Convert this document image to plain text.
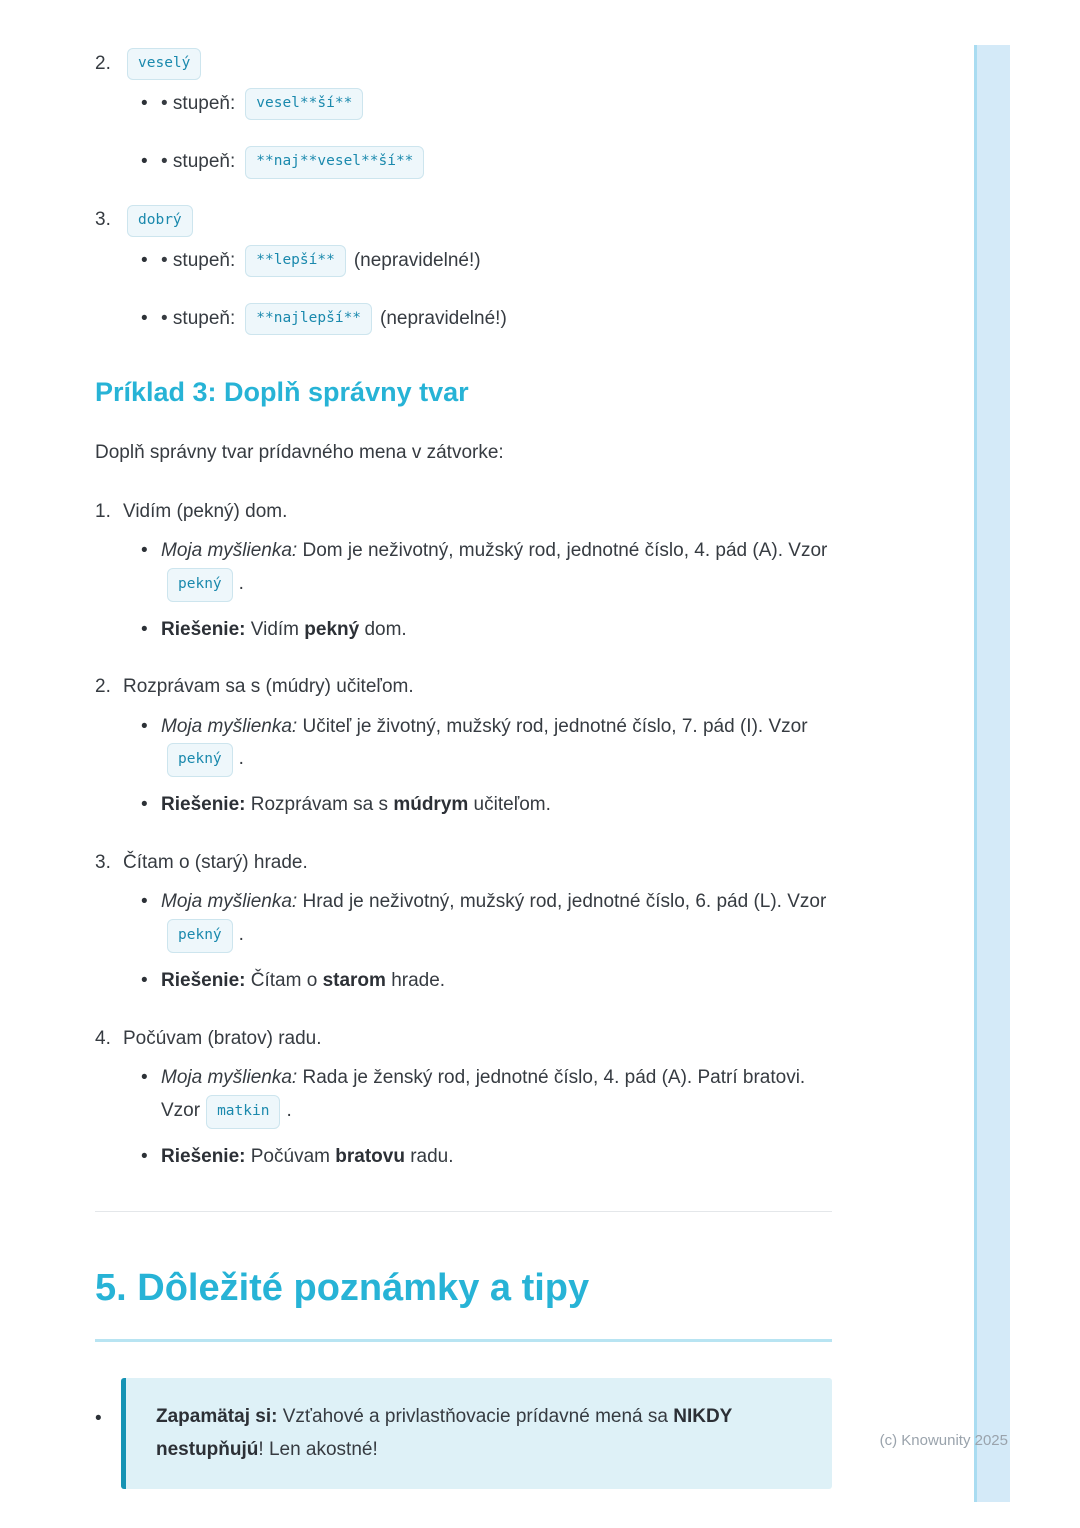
2.	veselý
•
• stupeň:	vesel**ší**
•
• stupeň:	**naj**vesel**ší**
3.	dobrý
•
• stupeň:	**lepší**	(nepravidelné!)
•
• stupeň:	**najlepší**	(nepravidelné!)
Príklad 3: Doplň správny tvar
Doplň správny tvar prídavného mena v zátvorke:
1. Vidím (pekný) dom.
•
Moja myšlienka: Dom je neživotný, mužský rod, jednotné číslo, 4. pád (A). Vzorpekný .
•
Riešenie: Vidím pekný dom.
2. Rozprávam sa s (múdry) učiteľom.
•
Moja myšlienka: Učiteľ je životný, mužský rod, jednotné číslo, 7. pád (I). Vzorpekný .
•
Riešenie: Rozprávam sa s múdrym učiteľom.
3. Čítam o (starý) hrade.
•
Moja myšlienka: Hrad je neživotný, mužský rod, jednotné číslo, 6. pád (L). Vzorpekný .
•
Riešenie: Čítam o starom hrade.
4. Počúvam (bratov) radu.
•
Moja myšlienka: Rada je ženský rod, jednotné číslo, 4. pád (A). Patrí bratovi. Vzor matkin .
•
Riešenie: Počúvam bratovu radu.
5. Dôležité poznámky a tipy
•
Zapamätaj si: Vzťahové a privlastňovacie prídavné mená sa NIKDY nestupňujú! Len akostné!	(c) Knowunity 2025
